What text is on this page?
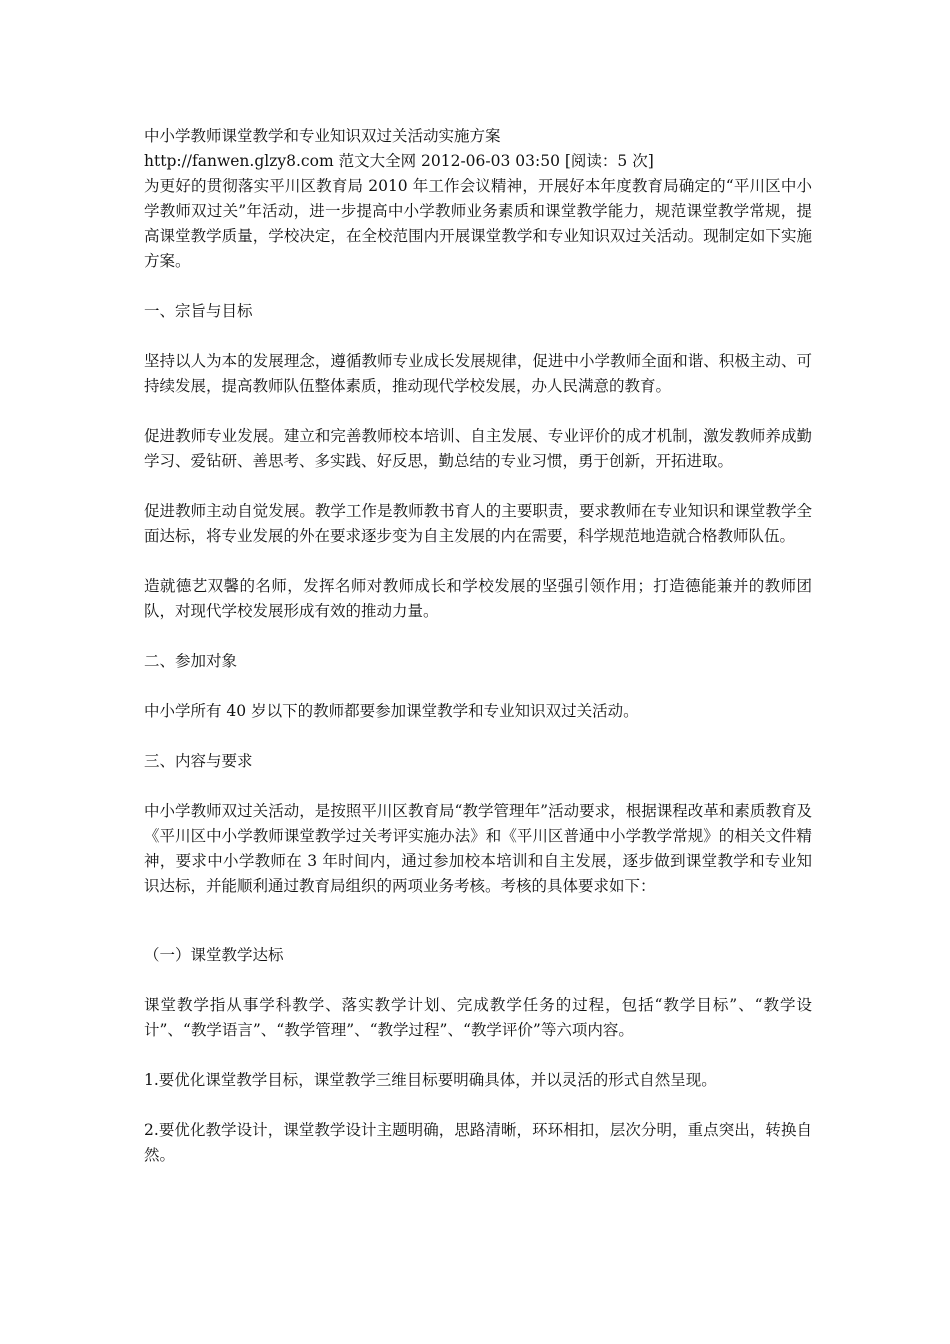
中小学教师课堂教学和专业知识双过关活动实施方案

http://fanwen.glzy8.com 范文大全网 2012-06-03 03:50 [阅读：5 次]

为更好的贯彻落实平川区教育局 2010 年工作会议精神，开展好本年度教育局确定的“平川区中小学教师双过关”年活动，进一步提高中小学教师业务素质和课堂教学能力，规范课堂教学常规，提高课堂教学质量，学校决定，在全校范围内开展课堂教学和专业知识双过关活动。现制定如下实施方案。

一、宗旨与目标

坚持以人为本的发展理念，遵循教师专业成长发展规律，促进中小学教师全面和谐、积极主动、可持续发展，提高教师队伍整体素质，推动现代学校发展，办人民满意的教育。

促进教师专业发展。建立和完善教师校本培训、自主发展、专业评价的成才机制，激发教师养成勤学习、爱钻研、善思考、多实践、好反思，勤总结的专业习惯，勇于创新，开拓进取。

促进教师主动自觉发展。教学工作是教师教书育人的主要职责，要求教师在专业知识和课堂教学全面达标，将专业发展的外在要求逐步变为自主发展的内在需要，科学规范地造就合格教师队伍。

造就德艺双馨的名师，发挥名师对教师成长和学校发展的坚强引领作用；打造德能兼并的教师团队，对现代学校发展形成有效的推动力量。

二、参加对象

中小学所有 40 岁以下的教师都要参加课堂教学和专业知识双过关活动。

三、内容与要求

中小学教师双过关活动，是按照平川区教育局“教学管理年”活动要求，根据课程改革和素质教育及《平川区中小学教师课堂教学过关考评实施办法》和《平川区普通中小学教学常规》的相关文件精神，要求中小学教师在 3 年时间内，通过参加校本培训和自主发展，逐步做到课堂教学和专业知识达标，并能顺利通过教育局组织的两项业务考核。考核的具体要求如下：

（一）课堂教学达标

课堂教学指从事学科教学、落实教学计划、完成教学任务的过程，包括“教学目标”、“教学设计”、“教学语言”、“教学管理”、“教学过程”、“教学评价”等六项内容。

1.要优化课堂教学目标，课堂教学三维目标要明确具体，并以灵活的形式自然呈现。

2.要优化教学设计，课堂教学设计主题明确，思路清晰，环环相扣，层次分明，重点突出，转换自然。
